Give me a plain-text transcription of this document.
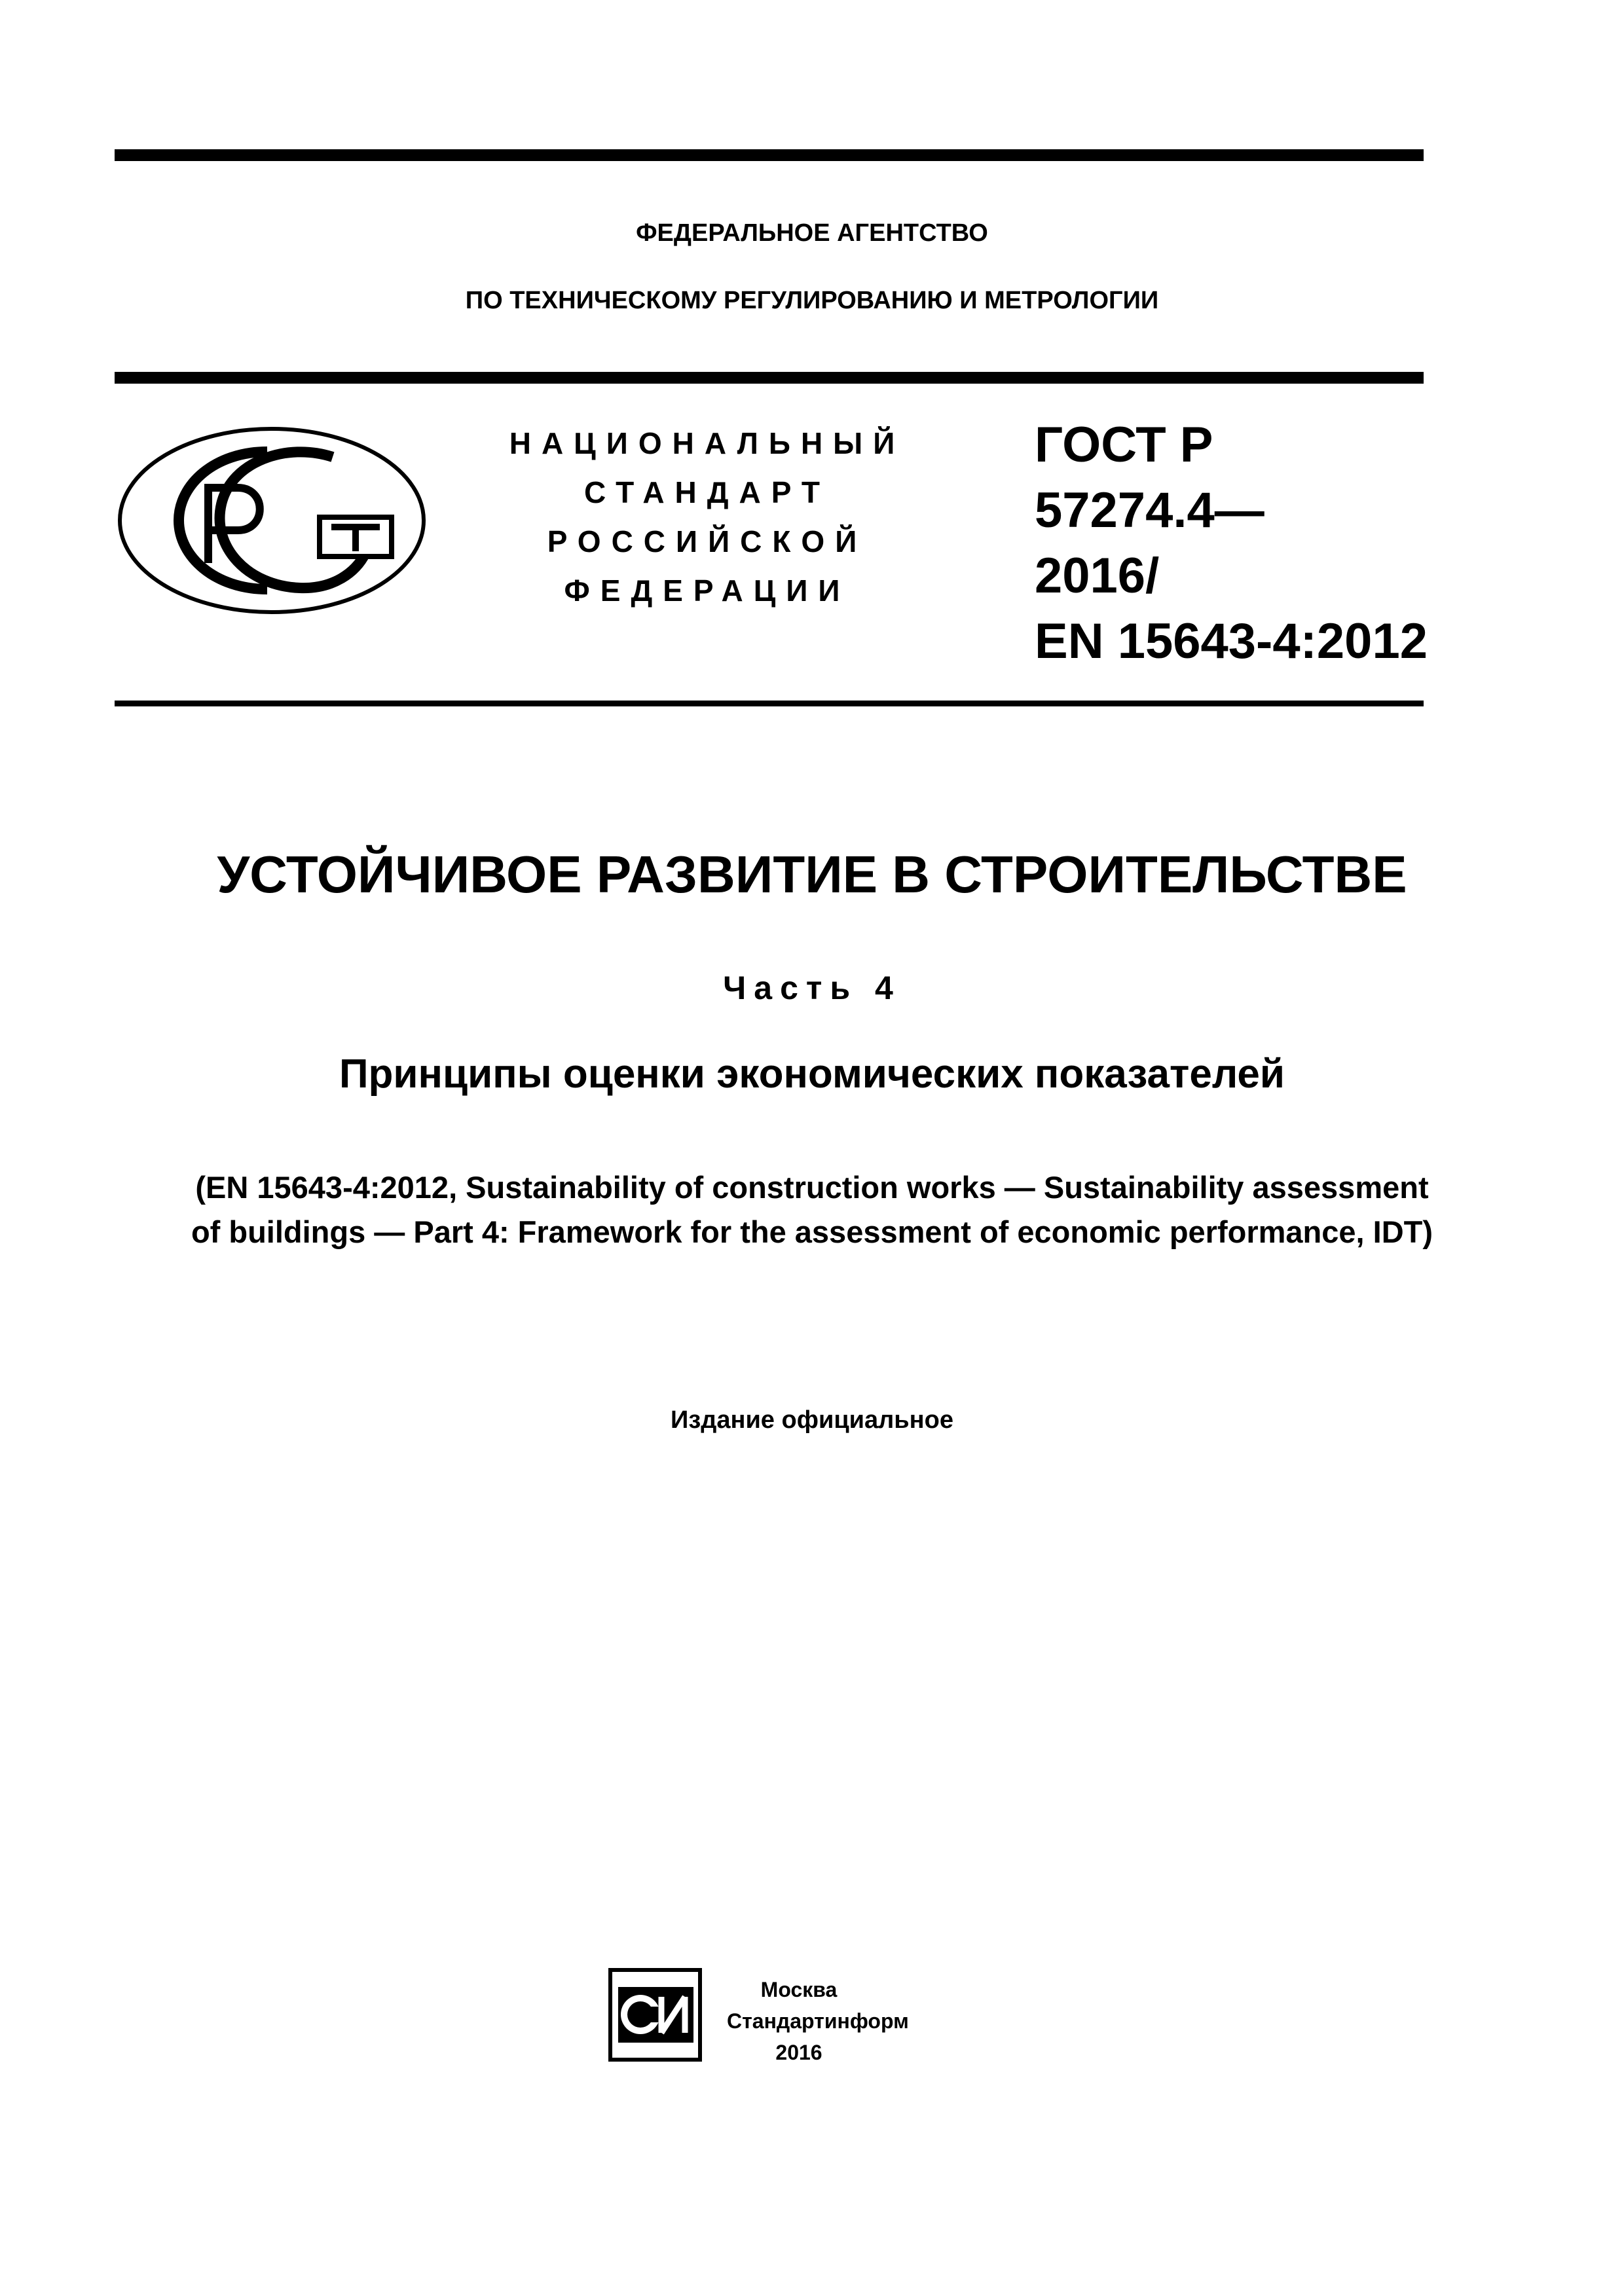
ФЕДЕРАЛЬНОЕ АГЕНТСТВО
ПО ТЕХНИЧЕСКОМУ РЕГУЛИРОВАНИЮ И МЕТРОЛОГИИ
НАЦИОНАЛЬНЫЙ
СТАНДАРТ
РОССИЙСКОЙ
ФЕДЕРАЦИИ
ГОСТ Р
57274.4—
2016/
EN 15643-4:2012
УСТОЙЧИВОЕ РАЗВИТИЕ В СТРОИТЕЛЬСТВЕ
Часть 4
Принципы оценки экономических показателей
(EN 15643-4:2012, Sustainability of construction works — Sustainability assessment
of buildings — Part 4: Framework for the assessment of economic performance, IDT)
Издание официальное
Москва
Стандартинформ
2016
